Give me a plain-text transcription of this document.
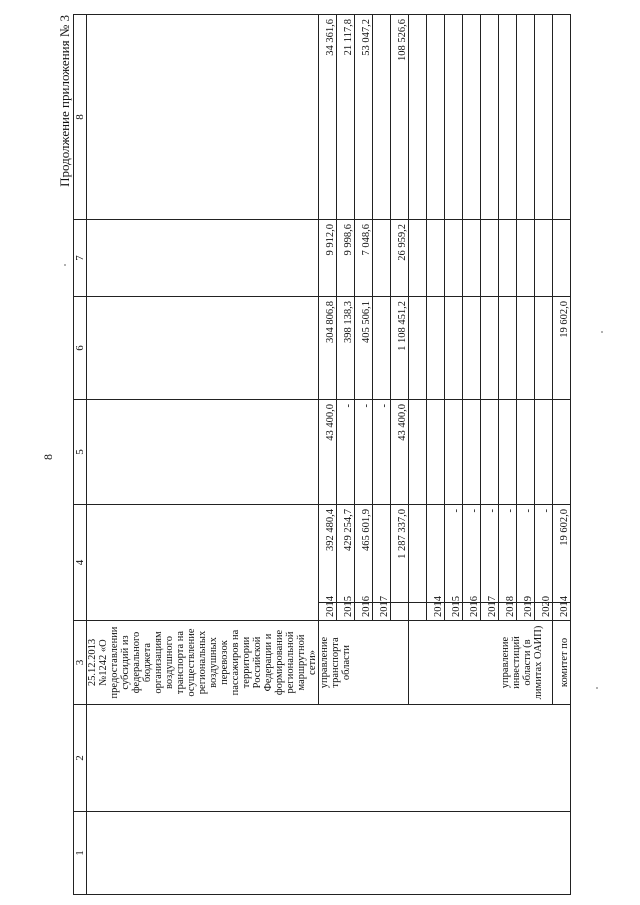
8
Продолжение приложения № 3
1	2	3	4		5	6	7	8
		25.12.2013 №1242 «О предоставлении субсидий из федерального бюджета организациям воздушного транспорта на осуществление региональных воздушных перевозок пассажиров на территории Российской Федерации и формирование региональной маршрутной сети»						
		управление транспорта области	2014	392 480,4	43 400,0	304 806,8	9 912,0	34 361,6
			2015	429 254,7	-	398 138,3	9 998,6	21 117,8
			2016	465 601,9	-	405 506,1	7 048,6	53 047,2
			2017		-			
				1 287 337,0	43 400,0	1 108 451,2	26 959,2	108 526,6
		управление инвестиций области (в лимитах ОАИП)						
			2014					
			2015	-				
			2016	-				
			2017	-				
			2018	-				
			2019	-				
			2020	-				
		комитет по	2014	19 602,0		19 602,0		
